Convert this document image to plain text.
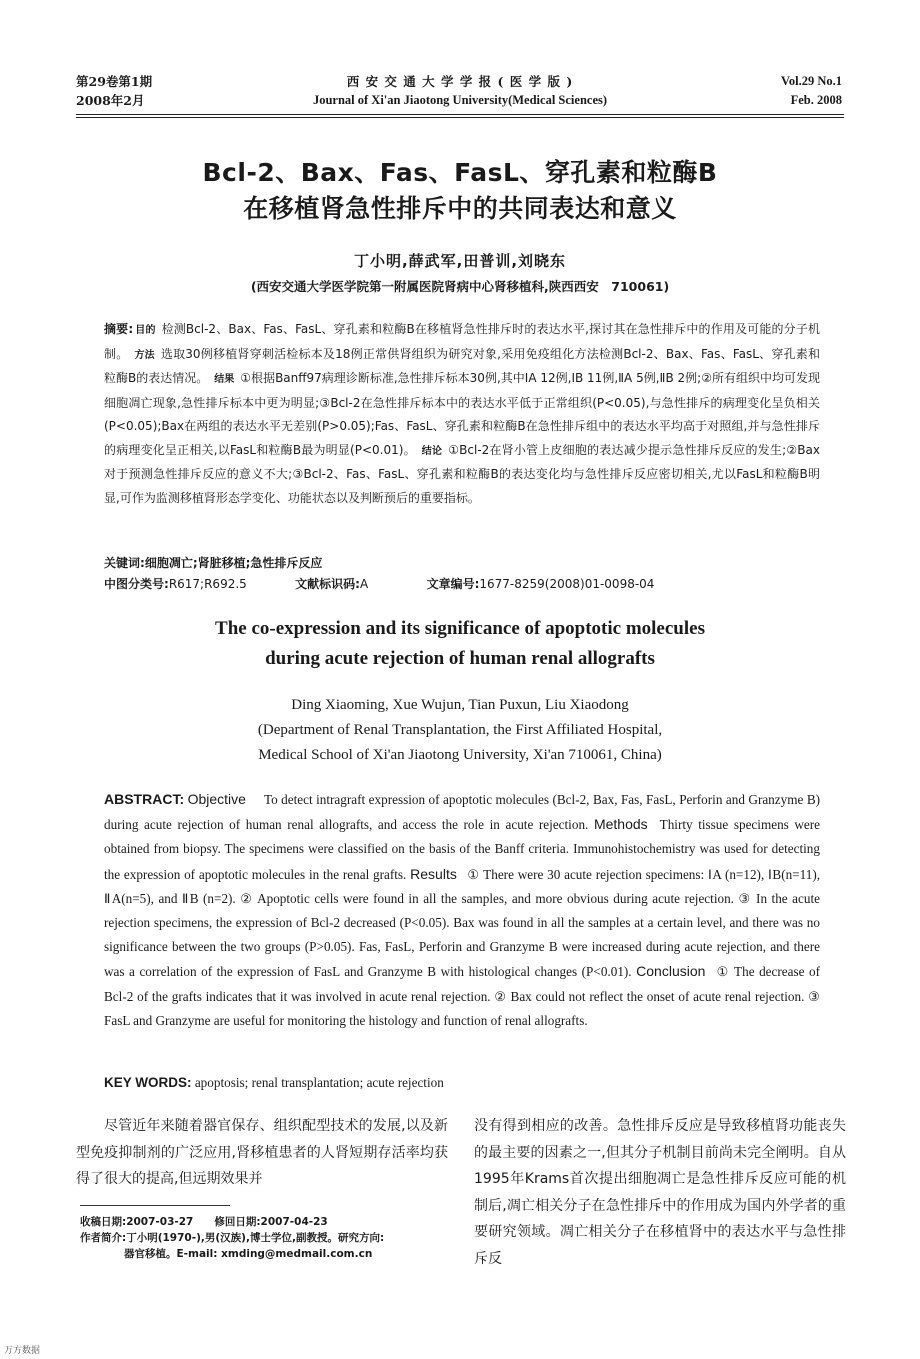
第29卷第1期
2008年2月
西 安 交 通 大 学 学 报 ( 医 学 版 )
Journal of Xi'an Jiaotong University(Medical Sciences)
Vol.29 No.1
Feb. 2008
Bcl-2、Bax、Fas、FasL、穿孔素和粒酶B
在移植肾急性排斥中的共同表达和意义
丁小明,薛武军,田普训,刘晓东
(西安交通大学医学院第一附属医院肾病中心肾移植科,陕西西安　710061)
摘要: 目的 检测Bcl-2、Bax、Fas、FasL、穿孔素和粒酶B在移植肾急性排斥时的表达水平,探讨其在急性排斥中的作用及可能的分子机制。 方法 选取30例移植肾穿刺活检标本及18例正常供肾组织为研究对象,采用免疫组化方法检测Bcl-2、Bax、Fas、FasL、穿孔素和粒酶B的表达情况。 结果 ①根据Banff97病理诊断标准,急性排斥标本30例,其中ⅠA 12例,ⅠB 11例,ⅡA 5例,ⅡB 2例;②所有组织中均可发现细胞凋亡现象,急性排斥标本中更为明显;③Bcl-2在急性排斥标本中的表达水平低于正常组织(P<0.05),与急性排斥的病理变化呈负相关(P<0.05);Bax在两组的表达水平无差别(P>0.05);Fas、FasL、穿孔素和粒酶B在急性排斥组中的表达水平均高于对照组,并与急性排斥的病理变化呈正相关,以FasL和粒酶B最为明显(P<0.01)。 结论 ①Bcl-2在肾小管上皮细胞的表达减少提示急性排斥反应的发生;②Bax对于预测急性排斥反应的意义不大;③Bcl-2、Fas、FasL、穿孔素和粒酶B的表达变化均与急性排斥反应密切相关,尤以FasL和粒酶B明显,可作为监测移植肾形态学变化、功能状态以及判断预后的重要指标。
关键词:细胞凋亡;肾脏移植;急性排斥反应
中图分类号:R617;R692.5	文献标识码:A	文章编号:1677-8259(2008)01-0098-04
The co-expression and its significance of apoptotic molecules
during acute rejection of human renal allografts
Ding Xiaoming, Xue Wujun, Tian Puxun, Liu Xiaodong
(Department of Renal Transplantation, the First Affiliated Hospital,
Medical School of Xi'an Jiaotong University, Xi'an 710061, China)
ABSTRACT: Objective To detect intragraft expression of apoptotic molecules (Bcl-2, Bax, Fas, FasL, Perforin and Granzyme B) during acute rejection of human renal allografts, and access the role in acute rejection. Methods Thirty tissue specimens were obtained from biopsy. The specimens were classified on the basis of the Banff criteria. Immunohistochemistry was used for detecting the expression of apoptotic molecules in the renal grafts. Results ① There were 30 acute rejection specimens: ⅠA (n=12), ⅠB(n=11), ⅡA(n=5), and ⅡB (n=2). ② Apoptotic cells were found in all the samples, and more obvious during acute rejection. ③ In the acute rejection specimens, the expression of Bcl-2 decreased (P<0.05). Bax was found in all the samples at a certain level, and there was no significance between the two groups (P>0.05). Fas, FasL, Perforin and Granzyme B were increased during acute rejection, and there was a correlation of the expression of FasL and Granzyme B with histological changes (P<0.01). Conclusion ① The decrease of Bcl-2 of the grafts indicates that it was involved in acute renal rejection. ② Bax could not reflect the onset of acute renal rejection. ③ FasL and Granzyme are useful for monitoring the histology and function of renal allografts.
KEY WORDS: apoptosis; renal transplantation; acute rejection
尽管近年来随着器官保存、组织配型技术的发展,以及新型免疫抑制剂的广泛应用,肾移植患者的人肾短期存活率均获得了很大的提高,但远期效果并
没有得到相应的改善。急性排斥反应是导致移植肾功能丧失的最主要的因素之一,但其分子机制目前尚未完全阐明。自从1995年Krams首次提出细胞凋亡是急性排斥反应可能的机制后,凋亡相关分子在急性排斥中的作用成为国内外学者的重要研究领域。凋亡相关分子在移植肾中的表达水平与急性排斥反
收稿日期:2007-03-27　　修回日期:2007-04-23
作者简介:丁小明(1970-),男(汉族),博士学位,副教授。研究方向:
器官移植。E-mail: xmding@medmail.com.cn
万方数据
